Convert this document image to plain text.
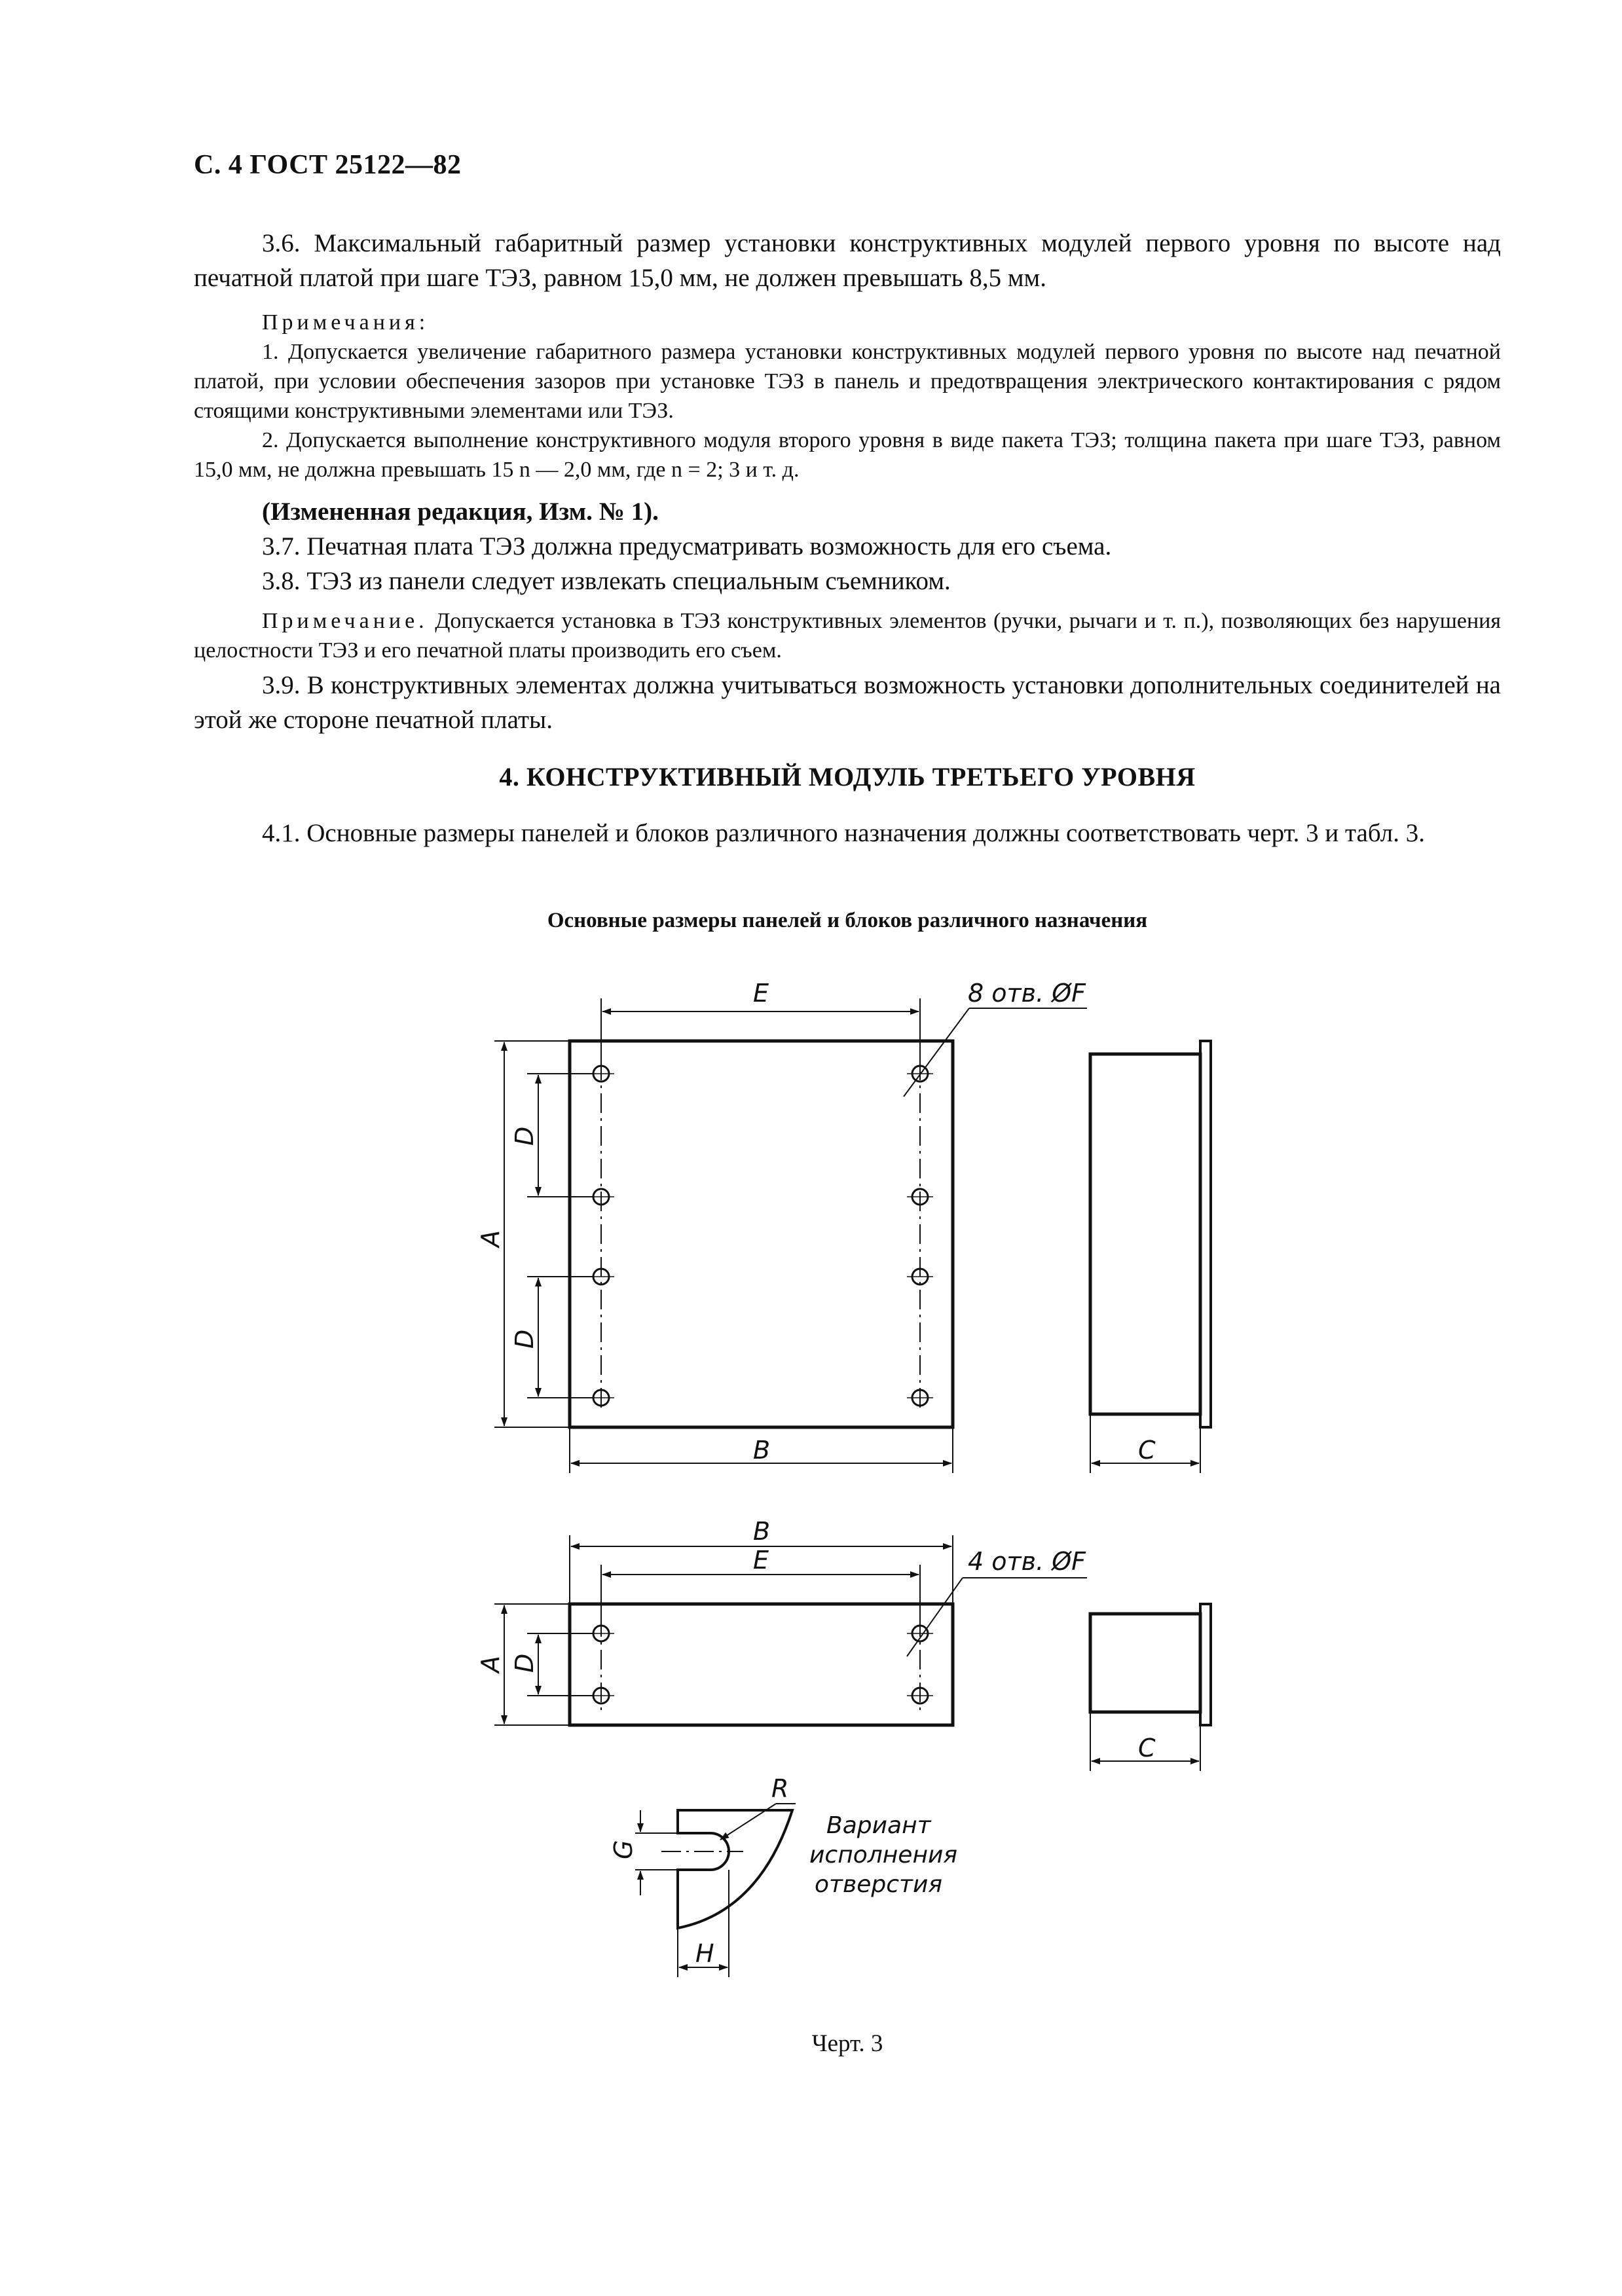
С. 4 ГОСТ 25122—82
3.6. Максимальный габаритный размер установки конструктивных модулей первого уровня по высоте над печатной платой при шаге ТЭЗ, равном 15,0 мм, не должен превышать 8,5 мм.
Примечания:
1. Допускается увеличение габаритного размера установки конструктивных модулей первого уровня по высоте над печатной платой, при условии обеспечения зазоров при установке ТЭЗ в панель и предотвращения электрического контактирования с рядом стоящими конструктивными элементами или ТЭЗ.
2. Допускается выполнение конструктивного модуля второго уровня в виде пакета ТЭЗ; толщина пакета при шаге ТЭЗ, равном 15,0 мм, не должна превышать 15 n — 2,0 мм, где n = 2; 3 и т. д.
(Измененная редакция, Изм. № 1).
3.7. Печатная плата ТЭЗ должна предусматривать возможность для его съема.
3.8. ТЭЗ из панели следует извлекать специальным съемником.
Примечание. Допускается установка в ТЭЗ конструктивных элементов (ручки, рычаги и т. п.), позволяющих без нарушения целостности ТЭЗ и его печатной платы производить его съем.
3.9. В конструктивных элементах должна учитываться возможность установки дополнительных соединителей на этой же стороне печатной платы.
4. КОНСТРУКТИВНЫЙ МОДУЛЬ ТРЕТЬЕГО УРОВНЯ
4.1. Основные размеры панелей и блоков различного назначения должны соответствовать черт. 3 и табл. 3.
Основные размеры панелей и блоков различного назначения
E	8 отв. ØF
A
D
D
B	C
B
E	4 отв. ØF
A D
C
R
G
H
Вариант
исполнения
отверстия
Черт. 3
